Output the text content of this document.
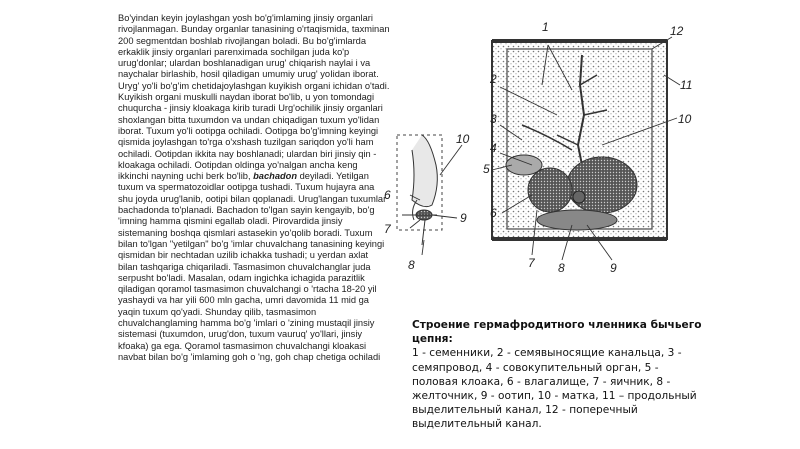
Bo'yindan keyin joylashgan yosh bo'g'imlaming jinsiy organlari rivojlanmagan. Bunday organlar tanasining o'rtaqismida, taxminan 200 segmentdan boshlab rivojlangan boladi. Bu bo'g'imlarda erkaklik jinsiy organlari parenximada sochilgan juda ko'p urug'donlar; ulardan boshlanadigan urug' chiqarish naylai i va naychalar birlashib, hosil qiladigan umumiy urug' yoIidan iborat. Uryg' yo'li bo'g'im chetidajoylashgan kuyikish organi ichidan o'tadi. Kuyikish organi muskulli naydan iborat bo'lib, u yon tomondagi chuqurcha - jinsiy kloakaga kirib turadi Urg'ochilik jinsiy organlari shoxlangan bitta tuxumdon va undan chiqadigan tuxum yo'lidan iborat. Tuxum yo'li ootipga ochiladi. Ootipga bo'g'imning keyingi qismida joylashgan to'rga o'xshash tuzilgan sariqdon yo'li ham ochiladi. Ootipdan ikkita nay boshlanadi; ulardan biri jinsiy qin - kloakaga ochiladi. Ootipdan oldinga yo'nalgan ancha keng ikkinchi nayning uchi berk bo'lib, bachadon deyiladi. Yetilgan tuxum va spermatozoidlar ootipga tushadi. Tuxum hujayra ana shu joyda urug'lanib, ootipi bilan qoplanadi. Urug'langan tuxumlar bachadonda to'planadi. Bachadon to'lgan sayin kengayib, bo'g 'imning hamma qismini egallab oladi. Pirovardida jinsiy sistemaning boshqa qismlari astasekin yo'qolib boradi. Tuxum bilan to'lgan "yetilgan" bo'g 'imlar chuvalchang tanasining keyingi qismidan bir nechtadan uzilib ichakka tushadi; u yerdan axlat bilan tashqariga chiqariladi. Tasmasimon chuvalchanglar juda serpusht bo'ladi. Masalan, odam ingichka ichagida parazitlik qiladigan qoramol tasmasimon chuvalchangi o 'rtacha 18-20 yil yashaydi va har yili 600 mln gacha, umri davomida 11 mid ga yaqin tuxum qo'yadi. Shunday qilib, tasmasimon chuvalchanglaming hamma bo'g 'imlari o 'zining mustaqil jinsiy sistemasi (tuxumdon, urug'don, tuxum vauruq' yo'llari, jinsiy kfoaka) ga ega. Qoramol tasmasimon chuvalchangi kloakasi navbat bilan bo'g 'imlaming goh o 'ng, goh chap chetiga ochiladi

1
2
3
4
5
6
7 8	9
10
11
12
10
6
7
8
9
Строение гермафродитного членника бычьего цепня:
1 - семенники, 2 - семявыносящие канальца, 3 - семяпровод, 4 - совокупительный орган, 5 - половая клоака, 6 - влагалище, 7 - яичник, 8 - желточник, 9 - оотип, 10 - матка, 11 – продольный выделительный канал, 12 - поперечный выделительный канал.
